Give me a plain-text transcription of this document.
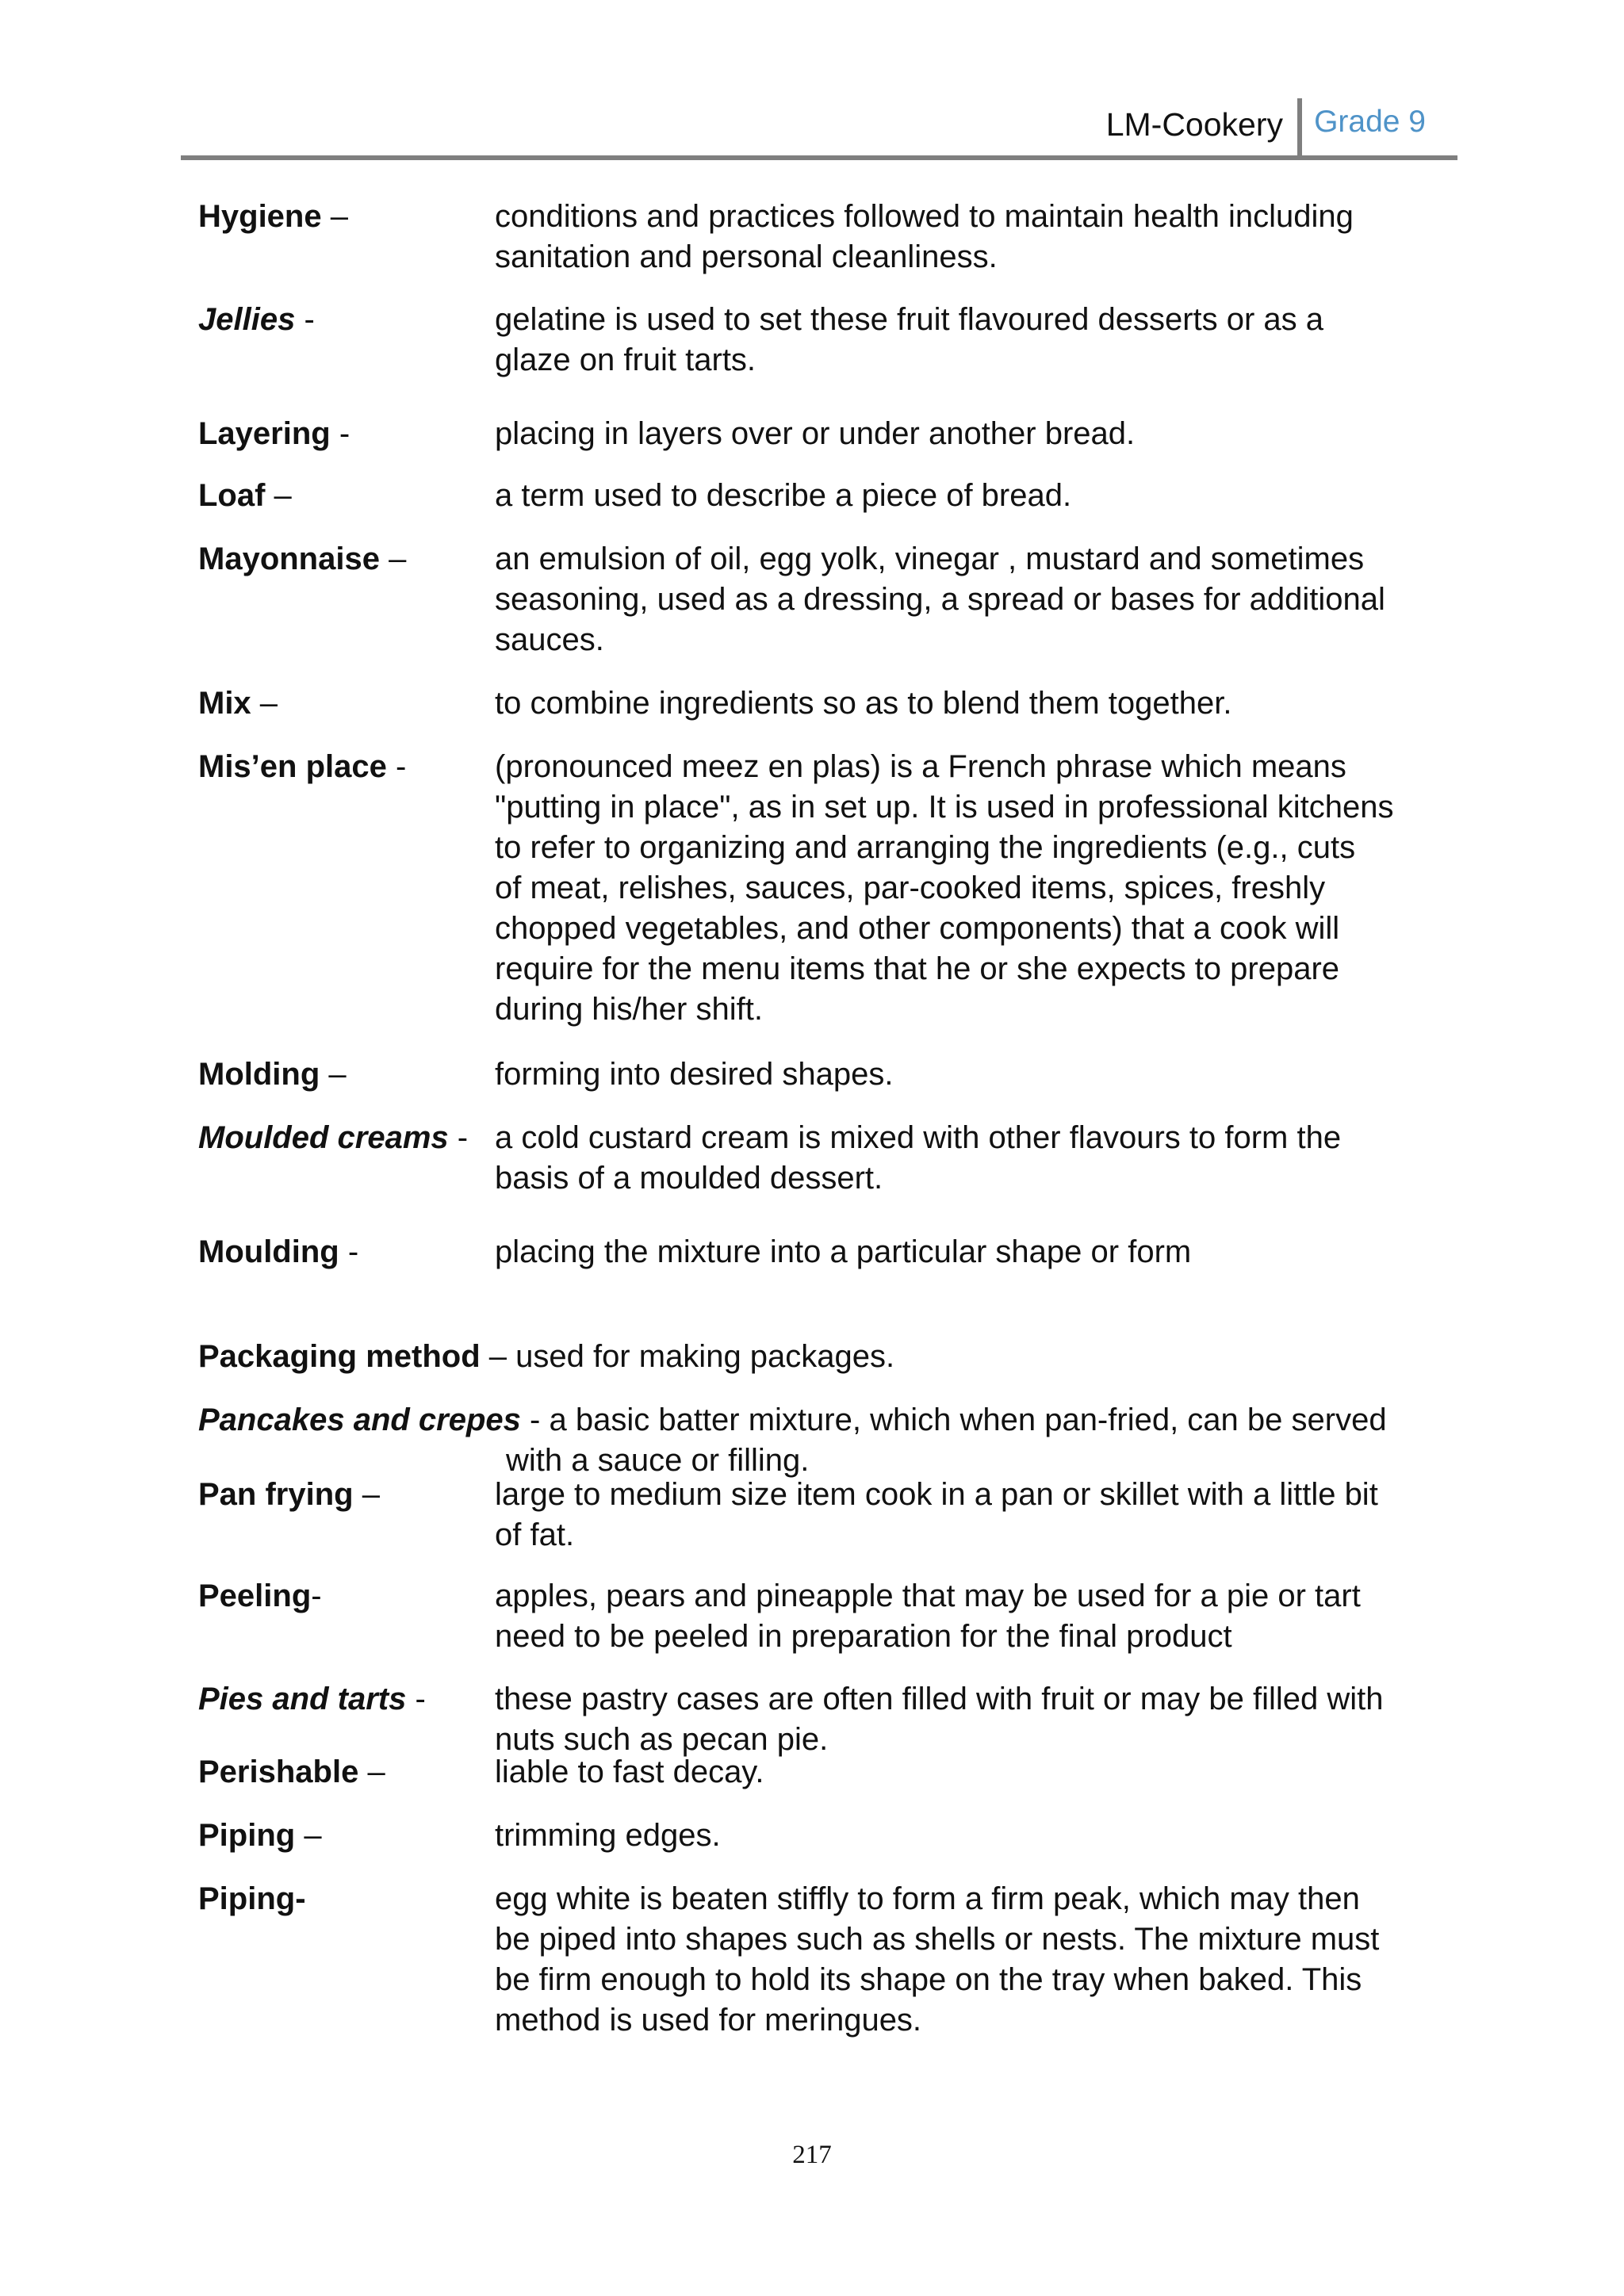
LM-Cookery Grade 9
Hygiene –	conditions and practices followed to maintain health including
sanitation and personal cleanliness.
Jellies -	gelatine is used to set these fruit flavoured desserts or as a
glaze on fruit tarts.
Layering -	placing in layers over or under another bread.
Loaf –	a term used to describe a piece of bread.
Mayonnaise –	an emulsion of oil, egg yolk, vinegar , mustard and sometimes
seasoning, used as a dressing, a spread or bases for additional
sauces.
Mix –	to combine ingredients so as to blend them together.
Mis’en place -	(pronounced meez en plas) is a French phrase which means
"putting in place", as in set up. It is used in professional kitchens
to refer to organizing and arranging the ingredients (e.g., cuts
of meat, relishes, sauces, par-cooked items, spices, freshly
chopped vegetables, and other components) that a cook will
require for the menu items that he or she expects to prepare
during his/her shift.
Molding –	forming into desired shapes.
Moulded creams - a cold custard cream is mixed with other flavours to form the
basis of a moulded dessert.
Moulding -	placing the mixture into a particular shape or form
Packaging method – used for making packages.
Pancakes and crepes - a basic batter mixture, which when pan-fried, can be served
with a sauce or filling.
Pan frying –	large to medium size item cook in a pan or skillet with a little bit
of fat.
Peeling-	apples, pears and pineapple that may be used for a pie or tart
need to be peeled in preparation for the final product
Pies and tarts - these pastry cases are often filled with fruit or may be filled with
nuts such as pecan pie.
Perishable –	liable to fast decay.
Piping –	trimming edges.
Piping-	egg white is beaten stiffly to form a firm peak, which may then
be piped into shapes such as shells or nests. The mixture must
be firm enough to hold its shape on the tray when baked. This
method is used for meringues.
217
